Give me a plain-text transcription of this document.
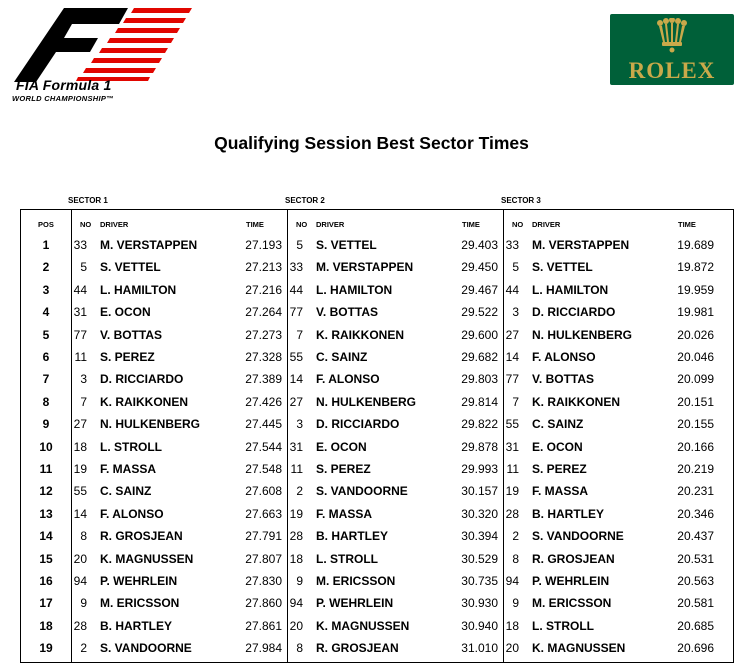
FIA Formula 1
WORLD CHAMPIONSHIP™
ROLEX
Qualifying Session Best Sector Times
SECTOR 1	SECTOR 2	SECTOR 3
POS	NO DRIVER	TIME	NO DRIVER	TIME	NO DRIVER	TIME
1	33 M. VERSTAPPEN	27.193	5 S. VETTEL	29.403 33 M. VERSTAPPEN	19.689
2	5 S. VETTEL	27.213 33 M. VERSTAPPEN	29.450	5 S. VETTEL	19.872
3	44 L. HAMILTON	27.216 44 L. HAMILTON	29.467 44 L. HAMILTON	19.959
4	31 E. OCON	27.264 77 V. BOTTAS	29.522	3 D. RICCIARDO	19.981
5	77 V. BOTTAS	27.273	7 K. RAIKKONEN	29.600 27 N. HULKENBERG	20.026
6	11 S. PEREZ	27.328 55 C. SAINZ	29.682 14 F. ALONSO	20.046
7	3 D. RICCIARDO	27.389 14 F. ALONSO	29.803 77 V. BOTTAS	20.099
8	7 K. RAIKKONEN	27.426 27 N. HULKENBERG	29.814	7 K. RAIKKONEN	20.151
9	27 N. HULKENBERG	27.445	3 D. RICCIARDO	29.822 55 C. SAINZ	20.155
10	18 L. STROLL	27.544 31 E. OCON	29.878 31 E. OCON	20.166
11	19 F. MASSA	27.548 11 S. PEREZ	29.993 11 S. PEREZ	20.219
12	55 C. SAINZ	27.608	2 S. VANDOORNE	30.157 19 F. MASSA	20.231
13	14 F. ALONSO	27.663 19 F. MASSA	30.320 28 B. HARTLEY	20.346
14	8 R. GROSJEAN	27.791 28 B. HARTLEY	30.394	2 S. VANDOORNE	20.437
15	20 K. MAGNUSSEN	27.807 18 L. STROLL	30.529	8 R. GROSJEAN	20.531
16	94 P. WEHRLEIN	27.830	9 M. ERICSSON	30.735 94 P. WEHRLEIN	20.563
17	9 M. ERICSSON	27.860 94 P. WEHRLEIN	30.930	9 M. ERICSSON	20.581
18	28 B. HARTLEY	27.861 20 K. MAGNUSSEN	30.940 18 L. STROLL	20.685
19	2 S. VANDOORNE	27.984	8 R. GROSJEAN	31.010 20 K. MAGNUSSEN	20.696
